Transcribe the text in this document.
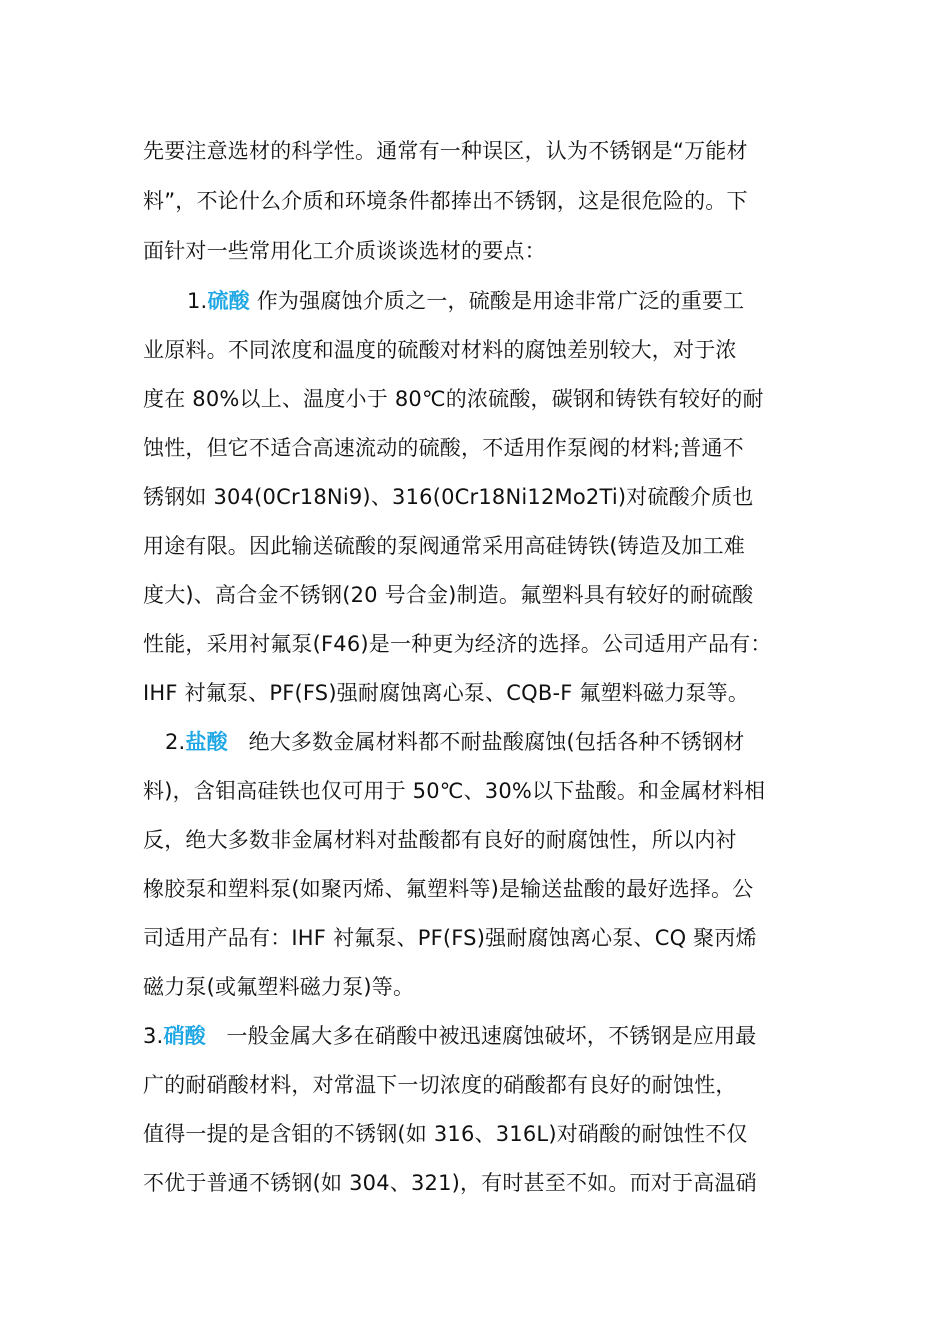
先要注意选材的科学性。通常有一种误区，认为不锈钢是“万能材
料”，不论什么介质和环境条件都捧出不锈钢，这是很危险的。下
面针对一些常用化工介质谈谈选材的要点：
1.硫酸 作为强腐蚀介质之一，硫酸是用途非常广泛的重要工
业原料。不同浓度和温度的硫酸对材料的腐蚀差别较大，对于浓
度在 80%以上、温度小于 80℃的浓硫酸，碳钢和铸铁有较好的耐
蚀性，但它不适合高速流动的硫酸，不适用作泵阀的材料;普通不
锈钢如 304(0Cr18Ni9)、316(0Cr18Ni12Mo2Ti)对硫酸介质也
用途有限。因此输送硫酸的泵阀通常采用高硅铸铁(铸造及加工难
度大)、高合金不锈钢(20 号合金)制造。氟塑料具有较好的耐硫酸
性能，采用衬氟泵(F46)是一种更为经济的选择。公司适用产品有：
IHF 衬氟泵、PF(FS)强耐腐蚀离心泵、CQB-F 氟塑料磁力泵等。
2.盐酸   绝大多数金属材料都不耐盐酸腐蚀(包括各种不锈钢材
料)，含钼高硅铁也仅可用于 50℃、30%以下盐酸。和金属材料相
反，绝大多数非金属材料对盐酸都有良好的耐腐蚀性，所以内衬
橡胶泵和塑料泵(如聚丙烯、氟塑料等)是输送盐酸的最好选择。公
司适用产品有：IHF 衬氟泵、PF(FS)强耐腐蚀离心泵、CQ 聚丙烯
磁力泵(或氟塑料磁力泵)等。
3.硝酸   一般金属大多在硝酸中被迅速腐蚀破坏，不锈钢是应用最
广的耐硝酸材料，对常温下一切浓度的硝酸都有良好的耐蚀性，
值得一提的是含钼的不锈钢(如 316、316L)对硝酸的耐蚀性不仅
不优于普通不锈钢(如 304、321)，有时甚至不如。而对于高温硝
